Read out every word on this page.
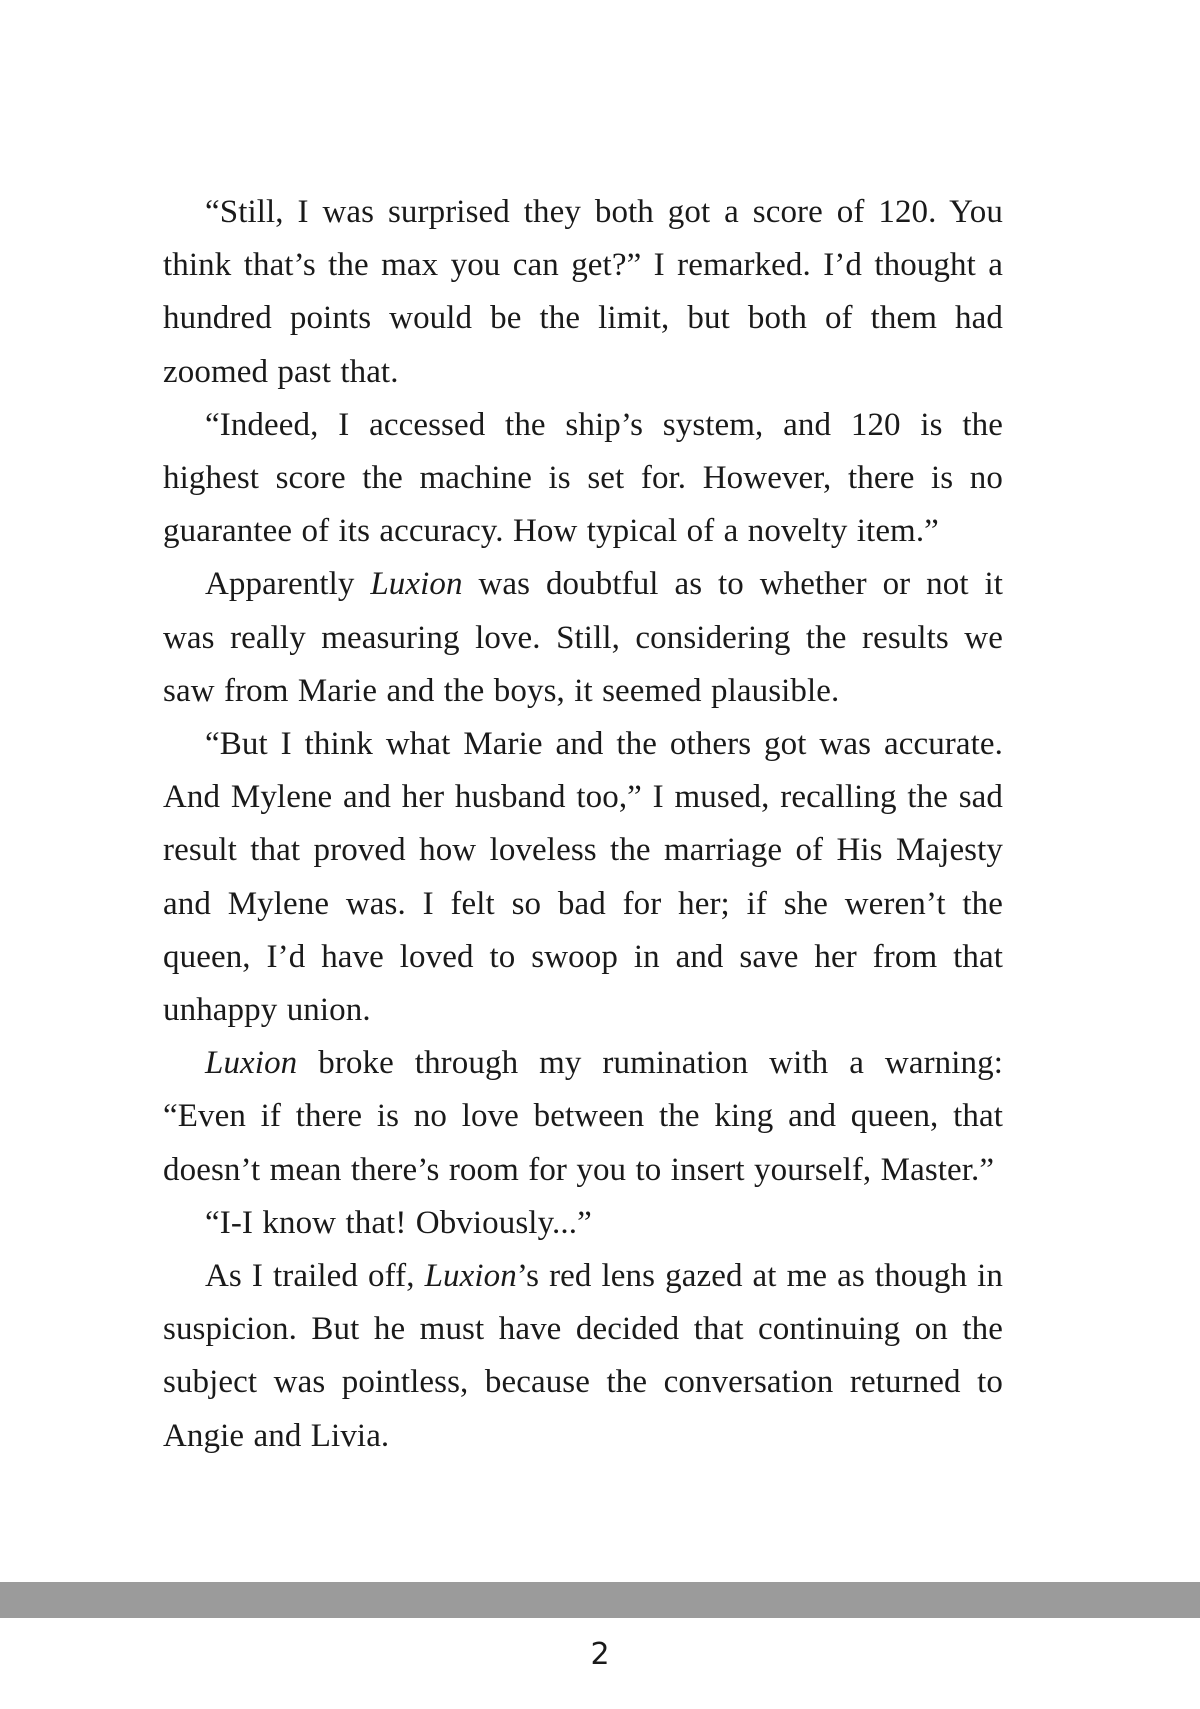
“Still, I was surprised they both got a score of 120. You think that’s the max you can get?” I remarked. I’d thought a hundred points would be the limit, but both of them had zoomed past that.

“Indeed, I accessed the ship’s system, and 120 is the highest score the machine is set for. However, there is no guarantee of its accuracy. How typical of a novelty item.”

Apparently Luxion was doubtful as to whether or not it was really measuring love. Still, considering the results we saw from Marie and the boys, it seemed plausible.

“But I think what Marie and the others got was accurate. And Mylene and her husband too,” I mused, recalling the sad result that proved how loveless the marriage of His Majesty and Mylene was. I felt so bad for her; if she weren’t the queen, I’d have loved to swoop in and save her from that unhappy union.

Luxion broke through my rumination with a warning: “Even if there is no love between the king and queen, that doesn’t mean there’s room for you to insert yourself, Master.”

“I-I know that! Obviously...”

As I trailed off, Luxion’s red lens gazed at me as though in suspicion. But he must have decided that continuing on the subject was pointless, because the conversation returned to Angie and Livia.

2
